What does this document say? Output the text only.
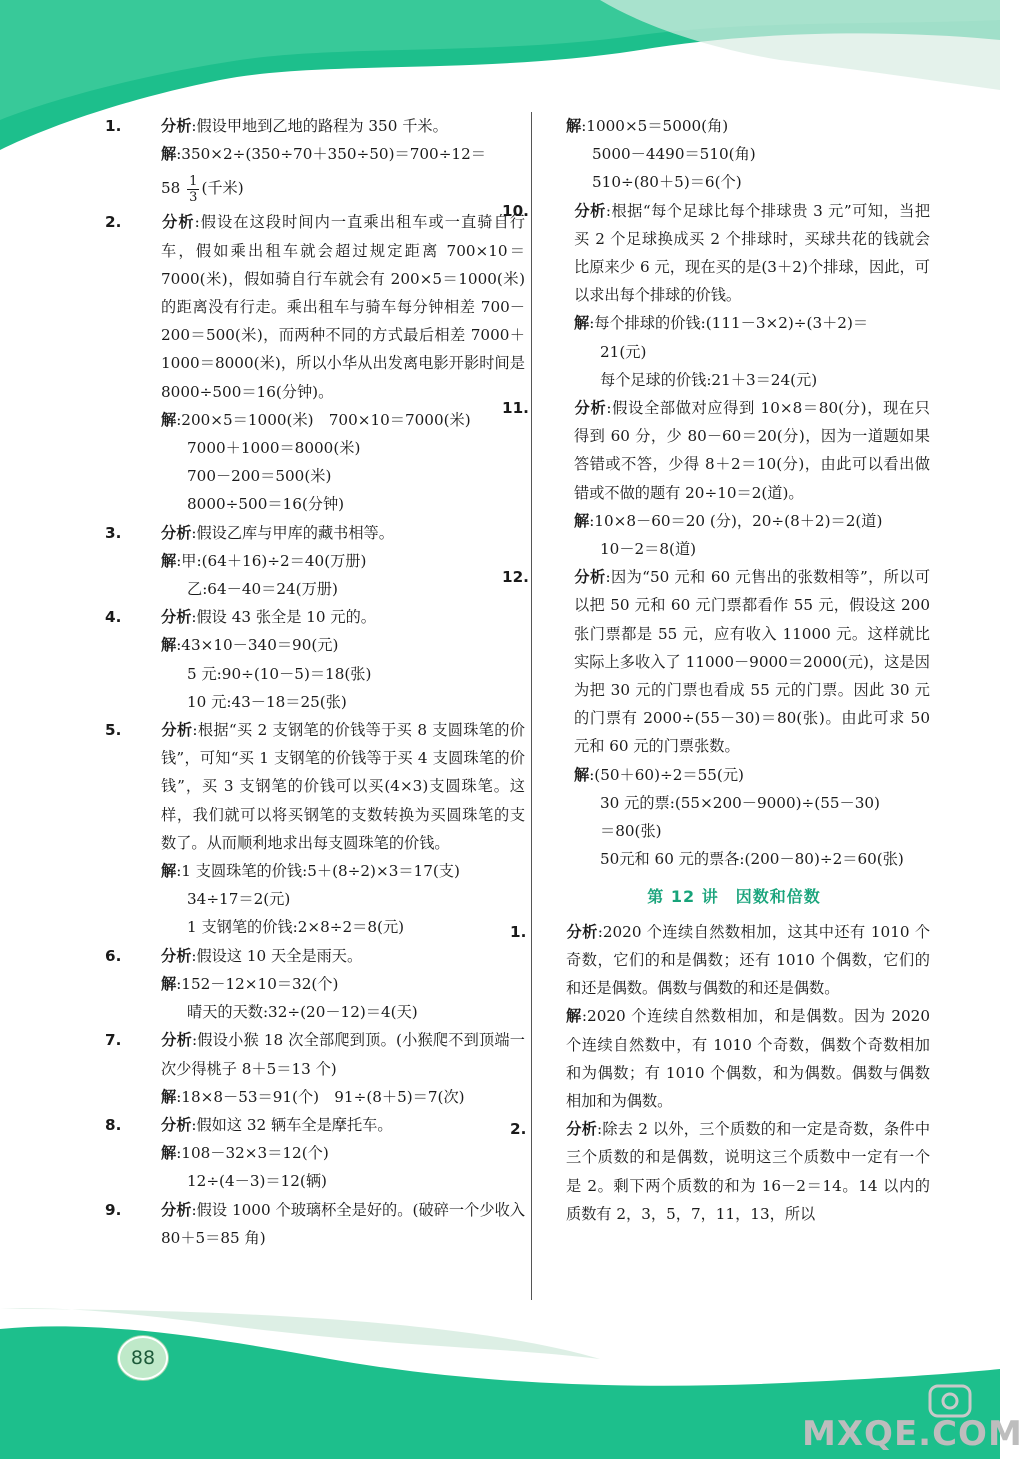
1.	分析:假设甲地到乙地的路程为 350 千米。

解:350×2÷(350÷70＋350÷50)＝700÷12＝

$58 \frac{1}{3}$ (千米)

2.	分析:假设在这段时间内一直乘出租车或一直骑自行车，假如乘出租车就会超过规定距离 700×10＝7000(米)，假如骑自行车就会有 200×5＝1000(米)的距离没有行走。乘出租车与骑车每分钟相差 700－200＝500(米)，而两种不同的方式最后相差 7000＋1000＝8000(米)，所以小华从出发离电影开影时间是 8000÷500＝16(分钟)。

解:200×5＝1000(米)　700×10＝7000(米)

7000＋1000＝8000(米)

700－200＝500(米)

8000÷500＝16(分钟)

3.	分析:假设乙库与甲库的藏书相等。

解:甲:(64＋16)÷2＝40(万册)

乙:64－40＝24(万册)

4.	分析:假设 43 张全是 10 元的。

解:43×10－340＝90(元)

5 元:90÷(10－5)＝18(张)

10 元:43－18＝25(张)

5.	分析:根据“买 2 支钢笔的价钱等于买 8 支圆珠笔的价钱”，可知“买 1 支钢笔的价钱等于买 4 支圆珠笔的价钱”，买 3 支钢笔的价钱可以买(4×3)支圆珠笔。这样，我们就可以将买钢笔的支数转换为买圆珠笔的支数了。从而顺利地求出每支圆珠笔的价钱。

解:1 支圆珠笔的价钱:5＋(8÷2)×3＝17(支)

34÷17＝2(元)

1 支钢笔的价钱:2×8÷2＝8(元)

6.	分析:假设这 10 天全是雨天。

解:152－12×10＝32(个)

晴天的天数:32÷(20－12)＝4(天)

7.	分析:假设小猴 18 次全部爬到顶。(小猴爬不到顶端一次少得桃子 8＋5＝13 个)

解:18×8－53＝91(个)　91÷(8＋5)＝7(次)

8.	分析:假如这 32 辆车全是摩托车。

解:108－32×3＝12(个)

12÷(4－3)＝12(辆)

9.	分析:假设 1000 个玻璃杯全是好的。(破碎一个少收入 80＋5＝85 角)

解:1000×5＝5000(角)

5000－4490＝510(角)

510÷(80＋5)＝6(个)

10.	分析:根据“每个足球比每个排球贵 3 元”可知，当把买 2 个足球换成买 2 个排球时，买球共花的钱就会比原来少 6 元，现在买的是(3＋2)个排球，因此，可以求出每个排球的价钱。

解:每个排球的价钱:(111－3×2)÷(3＋2)＝

21(元)

每个足球的价钱:21＋3＝24(元)

11.	分析:假设全部做对应得到 10×8＝80(分)，现在只得到 60 分，少 80－60＝20(分)，因为一道题如果答错或不答，少得 8＋2＝10(分)，由此可以看出做错或不做的题有 20÷10＝2(道)。

解:10×8－60＝20 (分)，20÷(8＋2)＝2(道)

10－2＝8(道)

12.	分析:因为“50 元和 60 元售出的张数相等”，所以可以把 50 元和 60 元门票都看作 55 元，假设这 200 张门票都是 55 元，应有收入 11000 元。这样就比实际上多收入了 11000－9000＝2000(元)，这是因为把 30 元的门票也看成 55 元的门票。因此 30 元的门票有 2000÷(55－30)＝80(张)。由此可求 50 元和 60 元的门票张数。

解:(50＋60)÷2＝55(元)

30 元的票:(55×200－9000)÷(55－30)

＝80(张)

50元和 60 元的票各:(200－80)÷2＝60(张)

第 12 讲　因数和倍数

1.	分析:2020 个连续自然数相加，这其中还有 1010 个奇数，它们的和是偶数；还有 1010 个偶数，它们的和还是偶数。偶数与偶数的和还是偶数。

解:2020 个连续自然数相加，和是偶数。因为 2020 个连续自然数中，有 1010 个奇数，偶数个奇数相加和为偶数；有 1010 个偶数，和为偶数。偶数与偶数相加和为偶数。

2.	分析:除去 2 以外，三个质数的和一定是奇数，条件中三个质数的和是偶数，说明这三个质数中一定有一个是 2。剩下两个质数的和为 16－2＝14。14 以内的质数有 2，3，5，7，11，13，所以

88
MXQE.COM
